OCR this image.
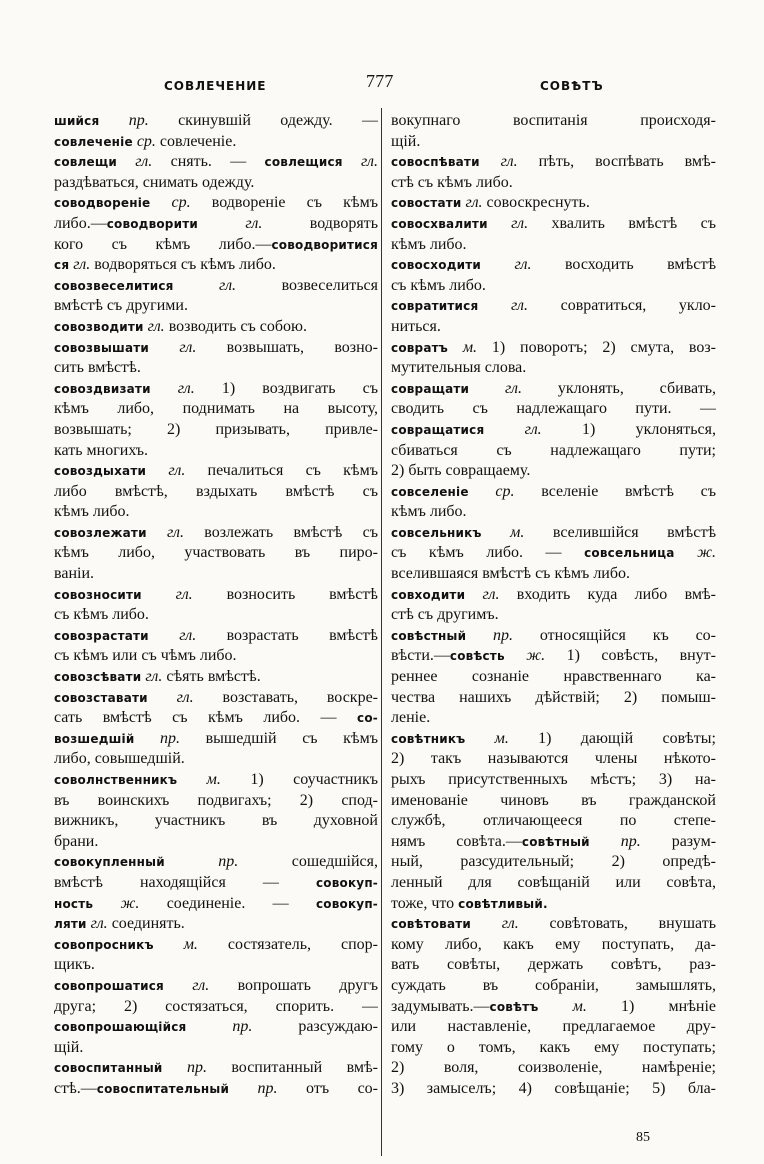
СОВЛЕЧЕНИЕ	777	СОВѢТЪ
шийся пр. скинувшій одежду. —
совлеченіе ср. совлеченіе.
совлещи гл. снять. — совлещися гл.
раздѣваться, снимать одежду.
соводвореніе ср. водвореніе съ кѣмъ
либо.—соводворити гл. водворять
кого съ кѣмъ либо.—соводворитися
ся гл. водворяться съ кѣмъ либо.
совозвеселитися гл. возвеселиться
вмѣстѣ съ другими.
совозводити гл. возводить съ собою.
совозвышати гл. возвышать, возно-
сить вмѣстѣ.
совоздвизати гл. 1) воздвигать съ
кѣмъ либо, поднимать на высоту,
возвышать; 2) призывать, привле-
кать многихъ.
совоздыхати гл. печалиться съ кѣмъ
либо вмѣстѣ, вздыхать вмѣстѣ съ
кѣмъ либо.
совозлежати гл. возлежать вмѣстѣ съ
кѣмъ либо, участвовать въ пиро-
ваніи.
совозносити гл. возносить вмѣстѣ
съ кѣмъ либо.
совозрастати гл. возрастать вмѣстѣ
съ кѣмъ или съ чѣмъ либо.
совозсѣвати гл. сѣять вмѣстѣ.
совозставати гл. возставать, воскре-
сать вмѣстѣ съ кѣмъ либо. — со-
возшедшій пр. вышедшій съ кѣмъ
либо, совышедшій.
соволнственникъ м. 1) соучастникъ
въ воинскихъ подвигахъ; 2) спод-
вижникъ, участникъ въ духовной
брани.
совокупленный пр. сошедшійся,
вмѣстѣ находящійся — совокуп-
ность ж. соединеніе. — совокуп-
ляти гл. соединять.
совопросникъ м. состязатель, спор-
щикъ.
совопрошатися гл. вопрошать другъ
друга; 2) состязаться, спорить. —
совопрошающійся пр. разсуждаю-
щій.
совоспитанный пр. воспитанный вмѣ-
стѣ.—совоспитательный пр. отъ со-
вокупнаго воспитанія происходя-
щій.
совоспѣвати гл. пѣть, воспѣвать вмѣ-
стѣ съ кѣмъ либо.
совостати гл. совоскреснуть.
совосхвалити гл. хвалить вмѣстѣ съ
кѣмъ либо.
совосходити гл. восходить вмѣстѣ
съ кѣмъ либо.
совратитися гл. совратиться, укло-
ниться.
совратъ м. 1) поворотъ; 2) смута, воз-
мутительныя слова.
совращати гл. уклонять, сбивать,
сводить съ надлежащаго пути. —
совращатися гл. 1) уклоняться,
сбиваться съ надлежащаго пути;
2) быть совращаему.
совселеніе ср. вселеніе вмѣстѣ съ
кѣмъ либо.
совсельникъ м. вселившійся вмѣстѣ
съ кѣмъ либо. — совсельница ж.
вселившаяся вмѣстѣ съ кѣмъ либо.
совходити гл. входить куда либо вмѣ-
стѣ съ другимъ.
совѣстный пр. относящійся къ со-
вѣсти.—совѣсть ж. 1) совѣсть, внут-
реннее сознаніе нравственнаго ка-
чества нашихъ дѣйствій; 2) помыш-
леніе.
совѣтникъ м. 1) дающій совѣты;
2) такъ называются члены нѣкото-
рыхъ присутственныхъ мѣстъ; 3) на-
именованіе чиновъ въ гражданской
службѣ, отличающееся по степе-
нямъ совѣта.—совѣтный пр. разум-
ный, разсудительный; 2) опредѣ-
ленный для совѣщаній или совѣта,
тоже, что совѣтливый.
совѣтовати гл. совѣтовать, внушать
кому либо, какъ ему поступать, да-
вать совѣты, держать совѣтъ, раз-
суждать въ собраніи, замышлять,
задумывать.—совѣтъ м. 1) мнѣніе
или наставленіе, предлагаемое дру-
гому о томъ, какъ ему поступать;
2) воля, соизволеніе, намѣреніе;
3) замыселъ; 4) совѣщаніе; 5) бла-
85
